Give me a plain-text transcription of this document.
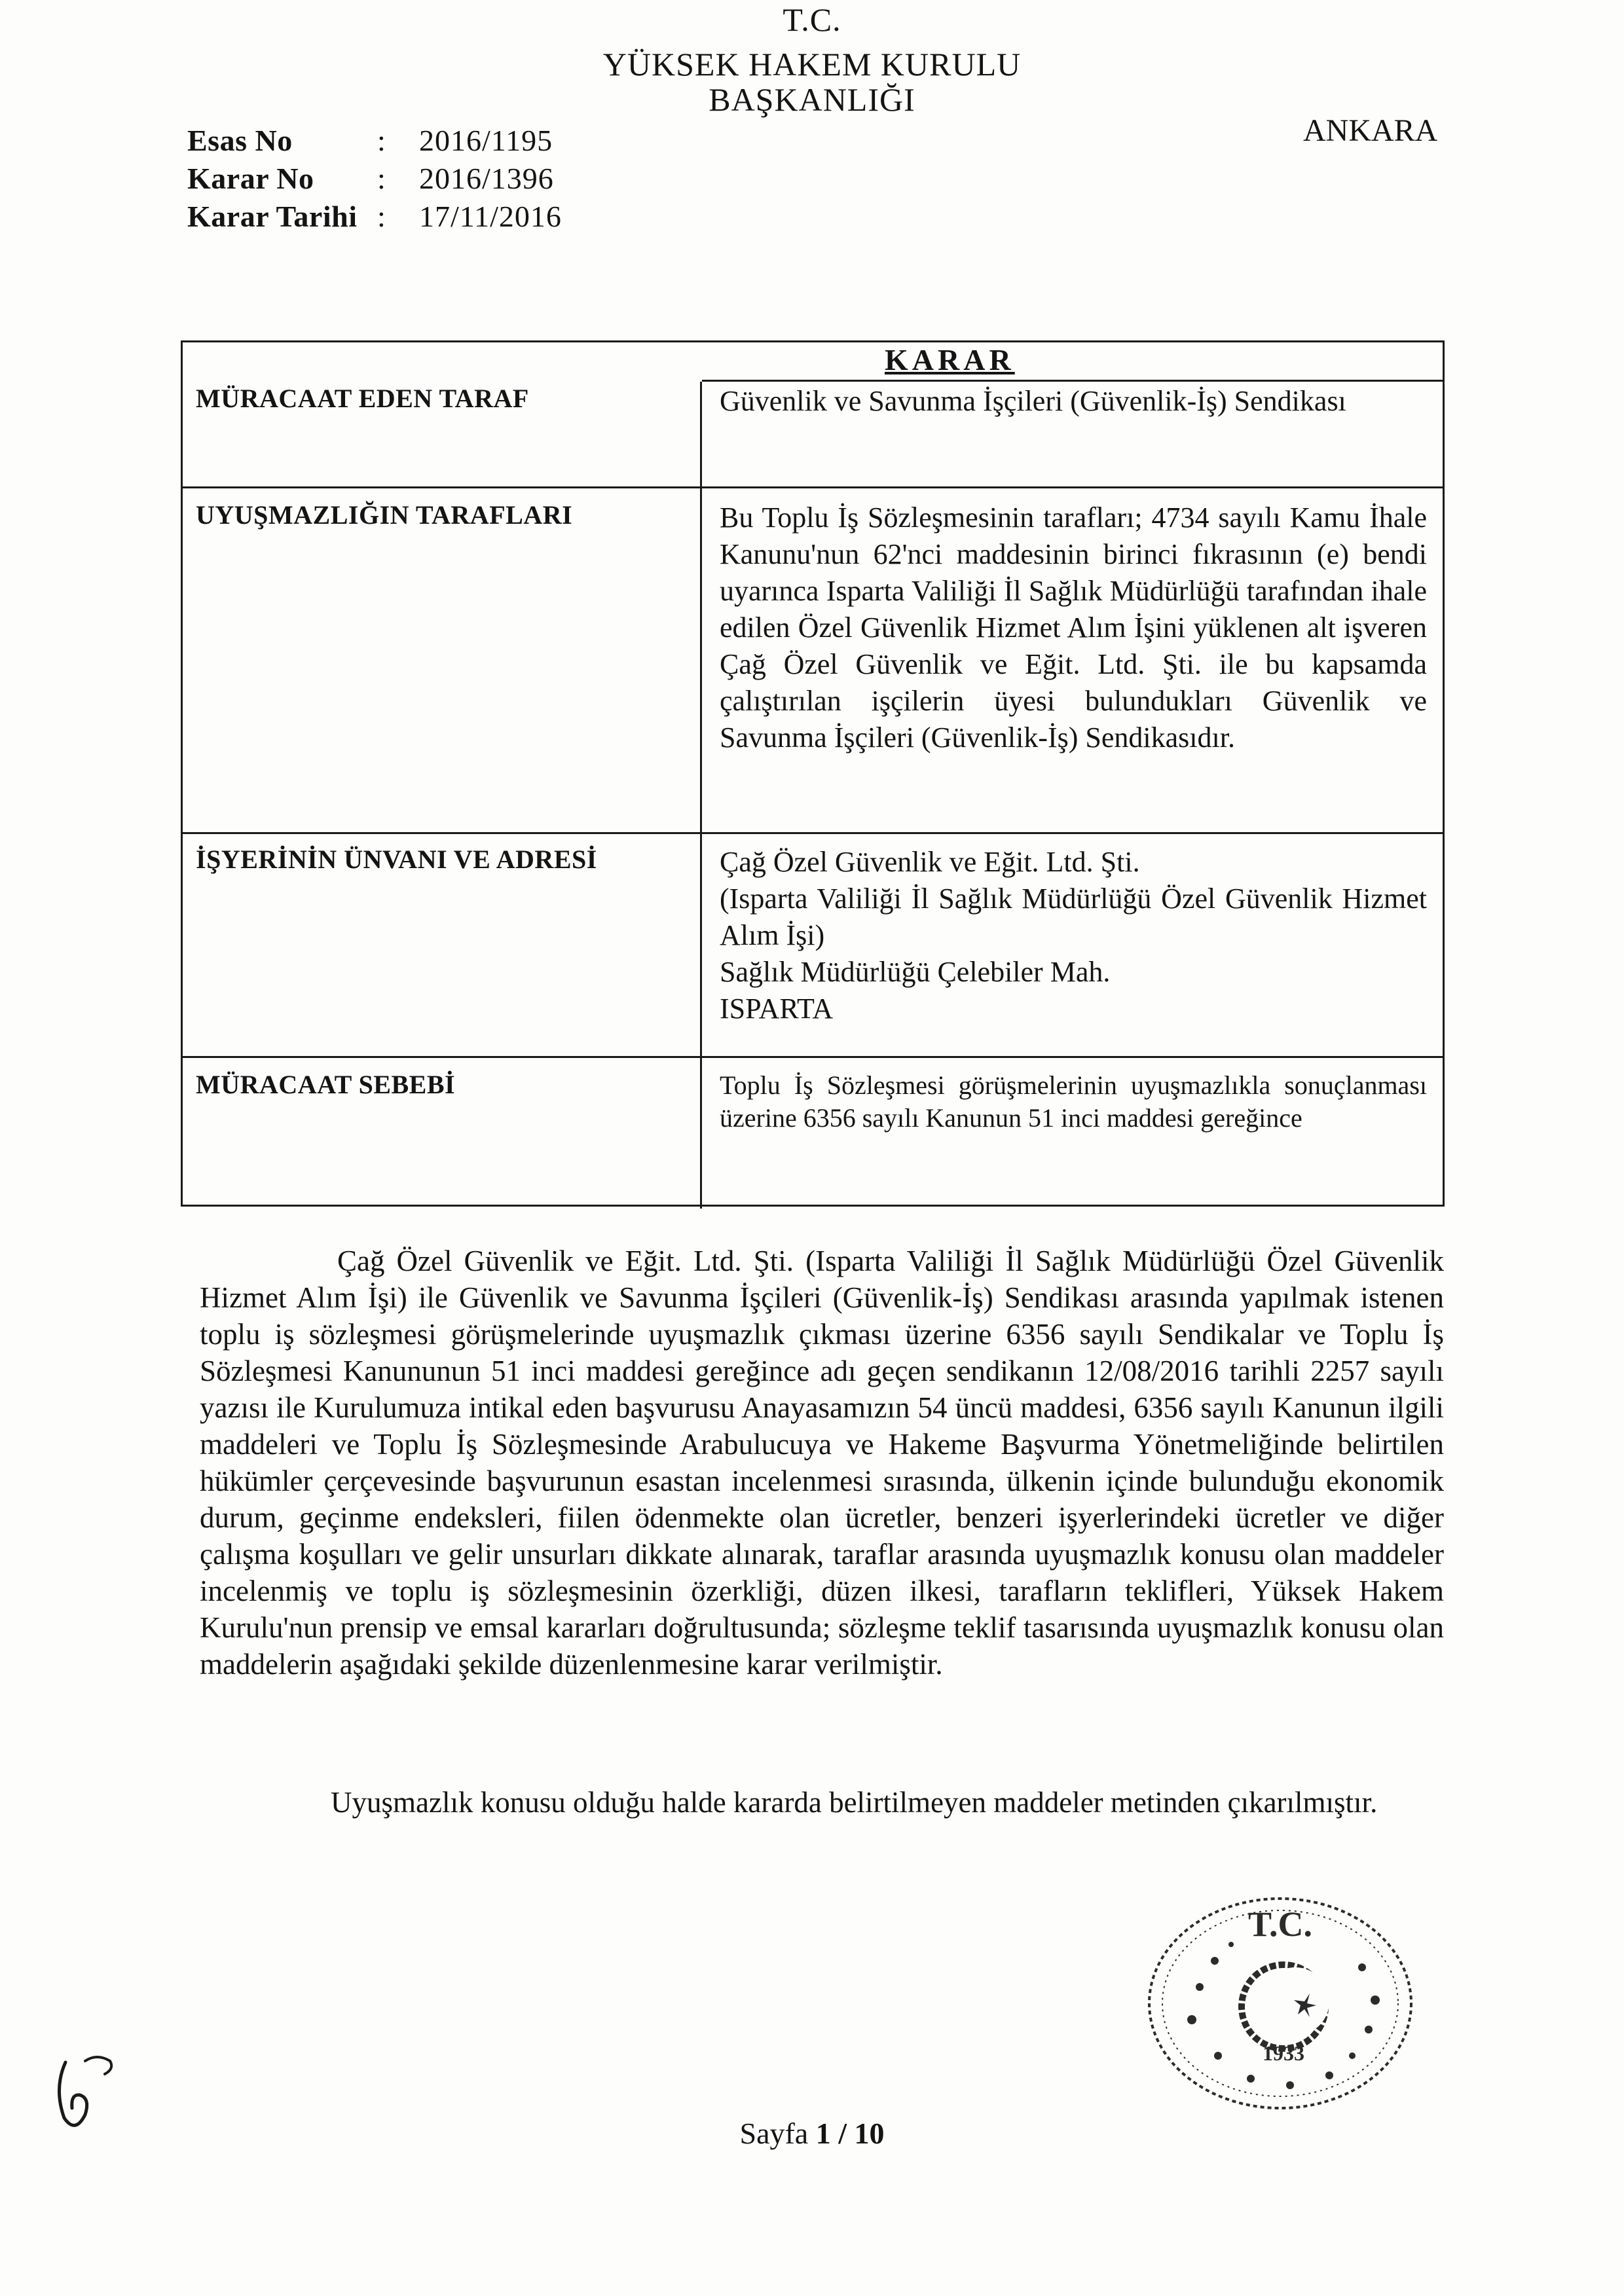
T.C.
YÜKSEK HAKEM KURULU
BAŞKANLIĞI
ANKARA
Esas No	:	2016/1195
Karar No	:	2016/1396
Karar Tarihi :	17/11/2016
KARAR
MÜRACAAT EDEN TARAF	Güvenlik ve Savunma İşçileri (Güvenlik-İş) Sendikası
UYUŞMAZLIĞIN TARAFLARI	Bu Toplu İş Sözleşmesinin tarafları; 4734 sayılı Kamu İhale Kanunu'nun 62'nci maddesinin birinci fıkrasının (e) bendi uyarınca Isparta Valiliği İl Sağlık Müdürlüğü tarafından ihale edilen Özel Güvenlik Hizmet Alım İşini yüklenen alt işveren Çağ Özel Güvenlik ve Eğit. Ltd. Şti. ile bu kapsamda çalıştırılan işçilerin üyesi bulundukları Güvenlik ve Savunma İşçileri (Güvenlik-İş) Sendikasıdır.
İŞYERİNİN ÜNVANI VE ADRESİ	Çağ Özel Güvenlik ve Eğit. Ltd. Şti.
(Isparta Valiliği İl Sağlık Müdürlüğü Özel Güvenlik Hizmet Alım İşi)
Sağlık Müdürlüğü Çelebiler Mah.
ISPARTA
MÜRACAAT SEBEBİ	Toplu İş Sözleşmesi görüşmelerinin uyuşmazlıkla sonuçlanması üzerine 6356 sayılı Kanunun 51 inci maddesi gereğince

Çağ Özel Güvenlik ve Eğit. Ltd. Şti. (Isparta Valiliği İl Sağlık Müdürlüğü Özel Güvenlik Hizmet Alım İşi) ile Güvenlik ve Savunma İşçileri (Güvenlik-İş) Sendikası arasında yapılmak istenen toplu iş sözleşmesi görüşmelerinde uyuşmazlık çıkması üzerine 6356 sayılı Sendikalar ve Toplu İş Sözleşmesi Kanununun 51 inci maddesi gereğince adı geçen sendikanın 12/08/2016 tarihli 2257 sayılı yazısı ile Kurulumuza intikal eden başvurusu Anayasamızın 54 üncü maddesi, 6356 sayılı Kanunun ilgili maddeleri ve Toplu İş Sözleşmesinde Arabulucuya ve Hakeme Başvurma Yönetmeliğinde belirtilen hükümler çerçevesinde başvurunun esastan incelenmesi sırasında, ülkenin içinde bulunduğu ekonomik durum, geçinme endeksleri, fiilen ödenmekte olan ücretler, benzeri işyerlerindeki ücretler ve diğer çalışma koşulları ve gelir unsurları dikkate alınarak, taraflar arasında uyuşmazlık konusu olan maddeler incelenmiş ve toplu iş sözleşmesinin özerkliği, düzen ilkesi, tarafların teklifleri, Yüksek Hakem Kurulu'nun prensip ve emsal kararları doğrultusunda; sözleşme teklif tasarısında uyuşmazlık konusu olan maddelerin aşağıdaki şekilde düzenlenmesine karar verilmiştir.

Uyuşmazlık konusu olduğu halde kararda belirtilmeyen maddeler metinden çıkarılmıştır.

T.C.
1933
Sayfa 1 / 10
